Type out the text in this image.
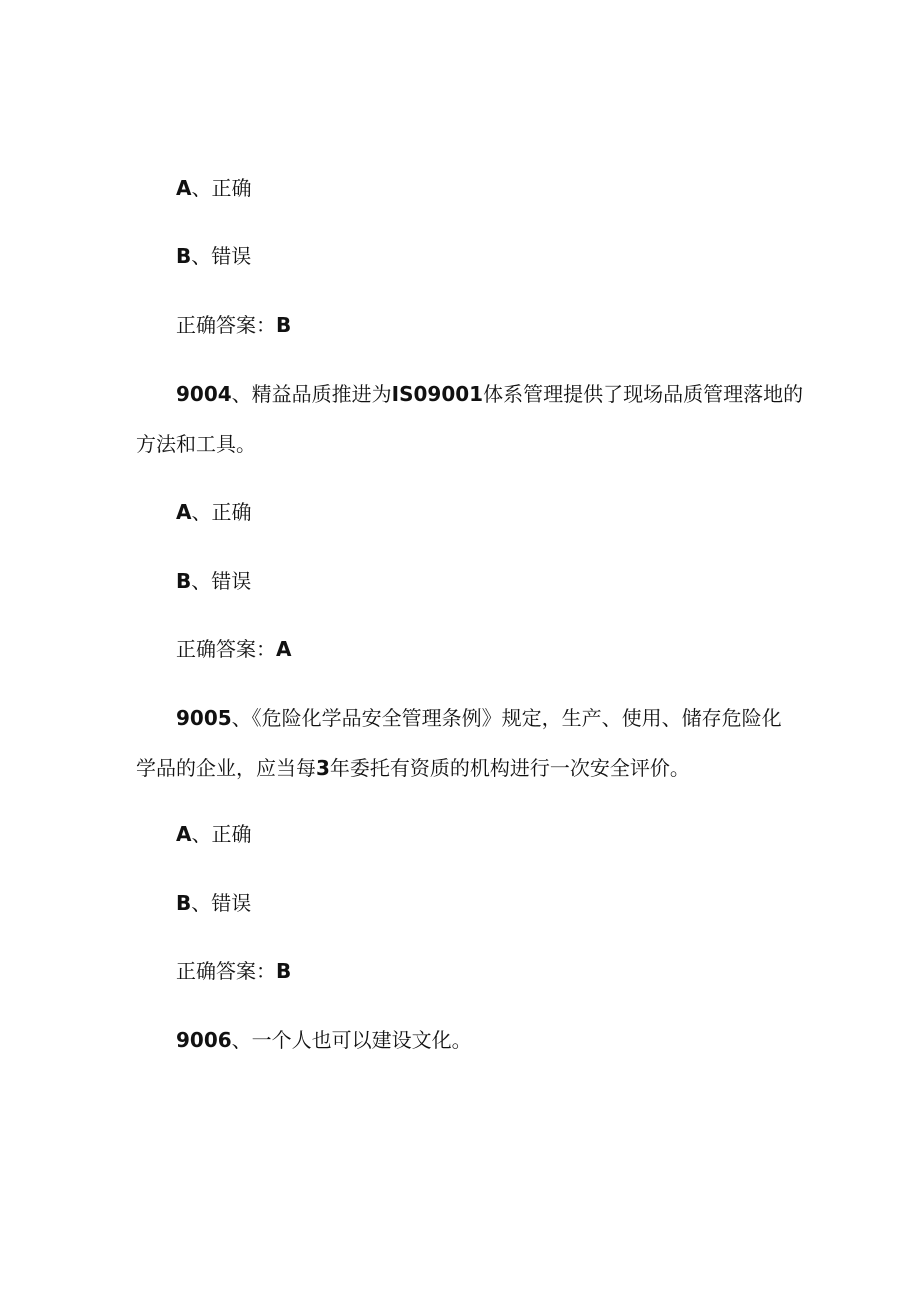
A、正确
B、错误
正确答案：B
9004、精益品质推进为IS09001体系管理提供了现场品质管理落地的
方法和工具。
A、正确
B、错误
正确答案：A
9005、《危险化学品安全管理条例》规定，生产、使用、储存危险化
学品的企业，应当每3年委托有资质的机构进行一次安全评价。
A、正确
B、错误
正确答案：B
9006、一个人也可以建设文化。
